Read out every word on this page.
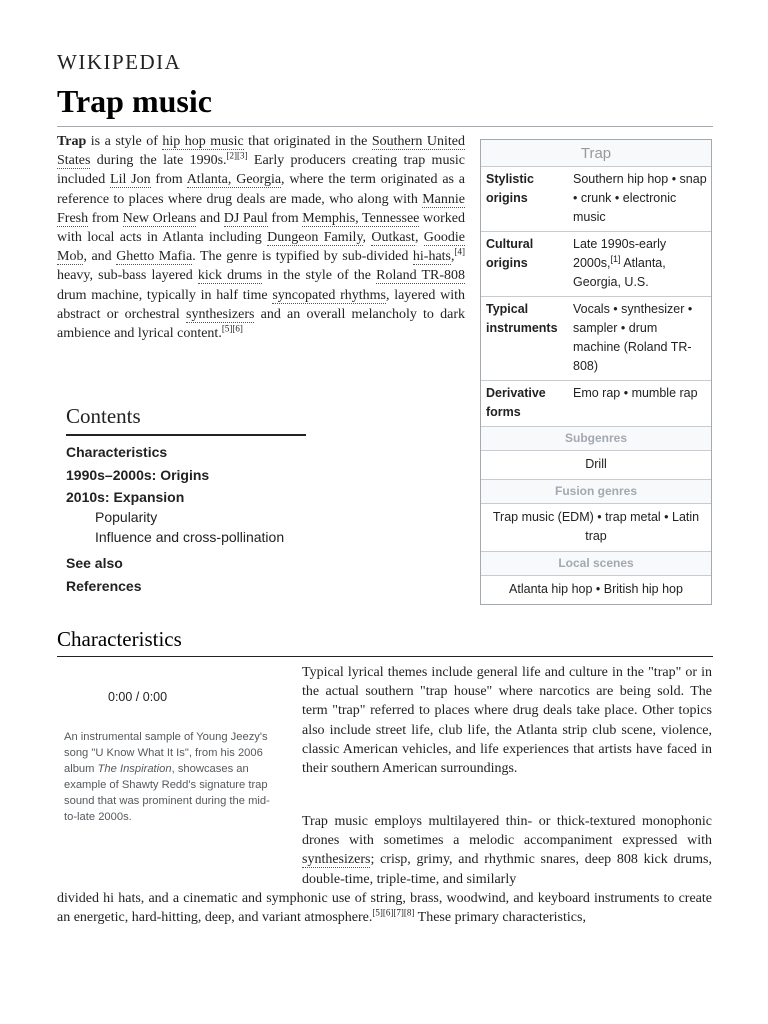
WIKIPEDIA
Trap music

Trap is a style of hip hop music that originated in the Southern United States during the late 1990s.[2][3] Early producers creating trap music included Lil Jon from Atlanta, Georgia, where the term originated as a reference to places where drug deals are made, who along with Mannie Fresh from New Orleans and DJ Paul from Memphis, Tennessee worked with local acts in Atlanta including Dungeon Family, Outkast, Goodie Mob, and Ghetto Mafia. The genre is typified by sub-divided hi-hats,[4] heavy, sub-bass layered kick drums in the style of the Roland TR-808 drum machine, typically in half time syncopated rhythms, layered with abstract or orchestral synthesizers and an overall melancholy to dark ambience and lyrical content.[5][6]

Trap
Stylistic origins
Southern hip hop • snap • crunk • electronic music
Cultural origins
Late 1990s-early 2000s,[1] Atlanta, Georgia, U.S.
Typical instruments
Vocals • synthesizer • sampler • drum machine (Roland TR-808)
Derivative forms
Emo rap • mumble rap
Subgenres
Drill
Fusion genres
Trap music (EDM) • trap metal • Latin trap
Local scenes
Atlanta hip hop • British hip hop
Contents
Characteristics
1990s–2000s: Origins
2010s: Expansion
Popularity
Influence and cross-pollination
See also
References
Characteristics
0:00 / 0:00

An instrumental sample of Young Jeezy's song "U Know What It Is", from his 2006 album The Inspiration, showcases an example of Shawty Redd's signature trap sound that was prominent during the mid-to-late 2000s.

Typical lyrical themes include general life and culture in the "trap" or in the actual southern "trap house" where narcotics are being sold. The term "trap" referred to places where drug deals take place. Other topics also include street life, club life, the Atlanta strip club scene, violence, classic American vehicles, and life experiences that artists have faced in their southern American surroundings.

Trap music employs multilayered thin- or thick-textured monophonic drones with sometimes a melodic accompaniment expressed with synthesizers; crisp, grimy, and rhythmic snares, deep 808 kick drums, double-time, triple-time, and similarly

divided hi hats, and a cinematic and symphonic use of string, brass, woodwind, and keyboard instruments to create an energetic, hard-hitting, deep, and variant atmosphere.[5][6][7][8] These primary characteristics,
